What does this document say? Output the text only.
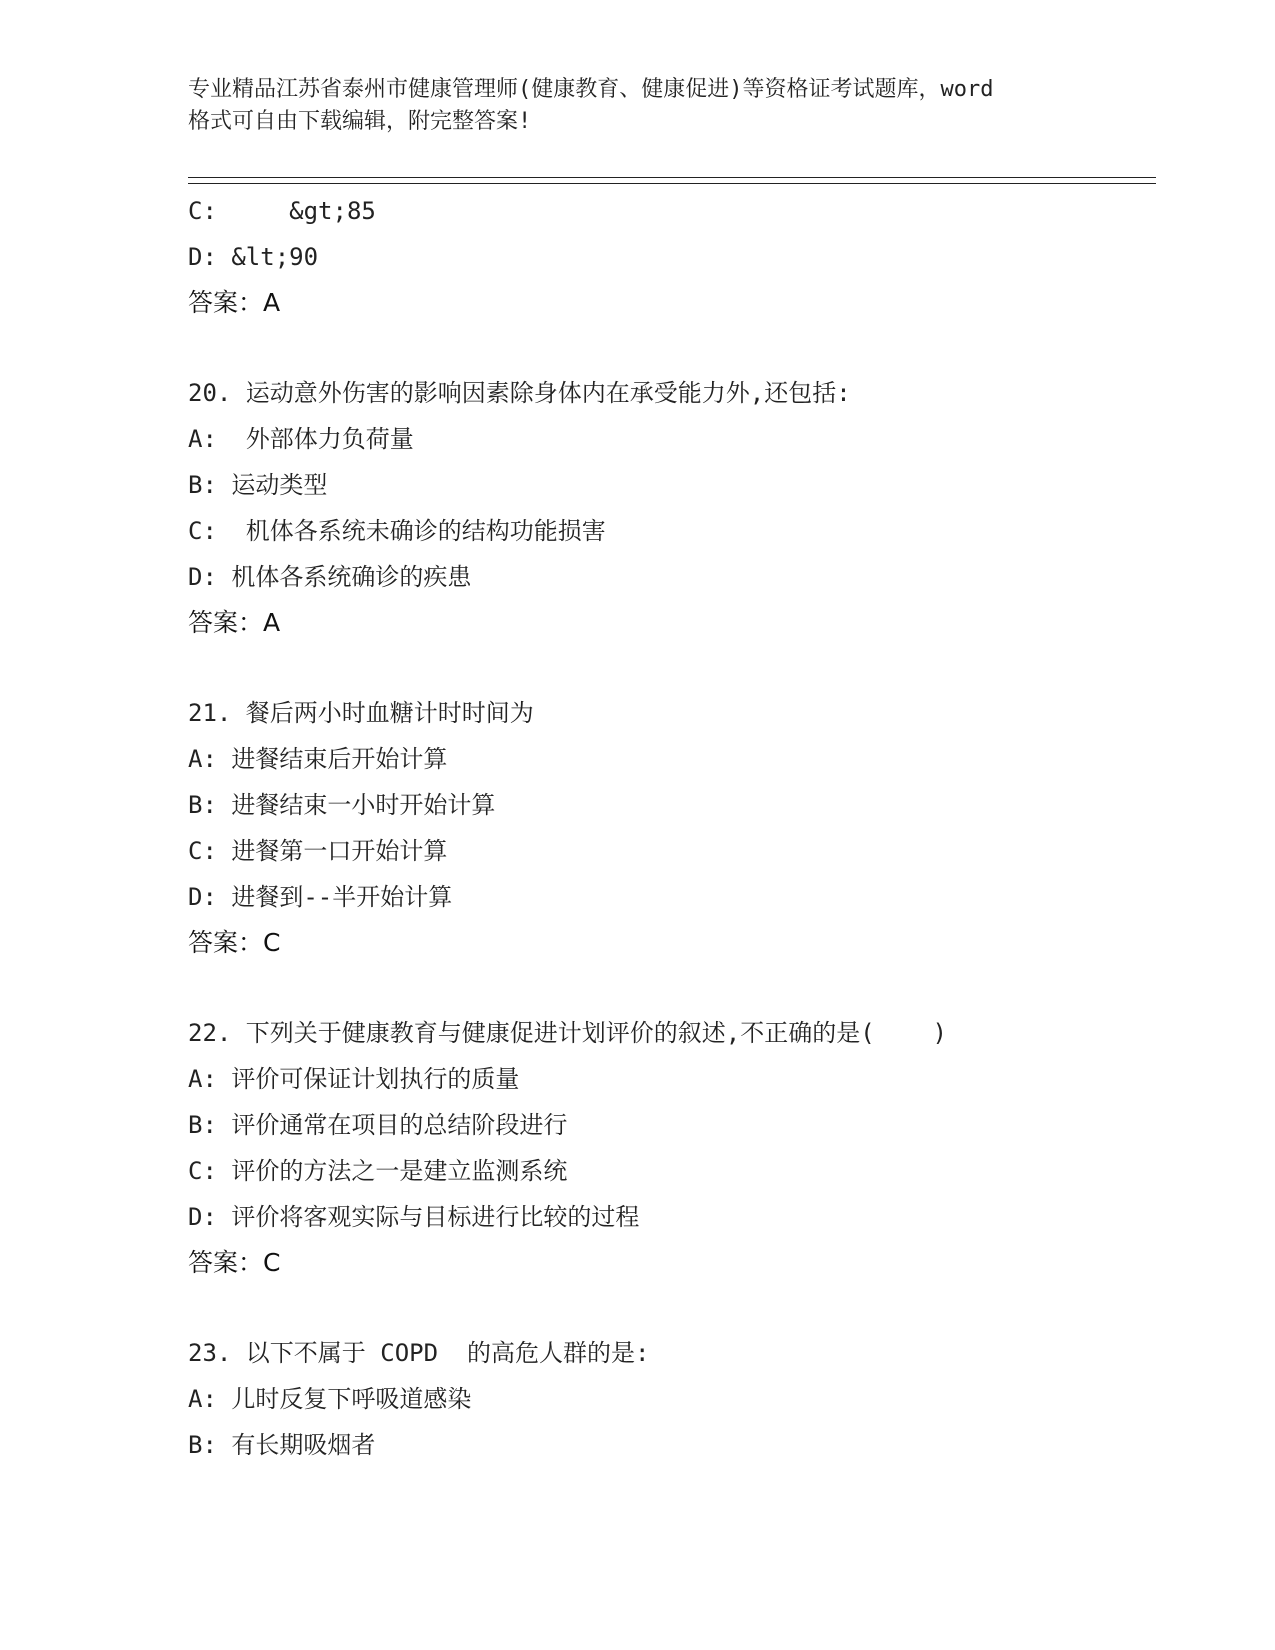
专业精品江苏省泰州市健康管理师(健康教育、健康促进)等资格证考试题库，word
格式可自由下载编辑，附完整答案!
C:     &gt;85
D: &lt;90
答案：A
20. 运动意外伤害的影响因素除身体内在承受能力外,还包括:
A:  外部体力负荷量
B: 运动类型
C:  机体各系统未确诊的结构功能损害
D: 机体各系统确诊的疾患
答案：A
21. 餐后两小时血糖计时时间为
A: 进餐结束后开始计算
B: 进餐结束一小时开始计算
C: 进餐第一口开始计算
D: 进餐到--半开始计算
答案：C
22. 下列关于健康教育与健康促进计划评价的叙述,不正确的是(    )
A: 评价可保证计划执行的质量
B: 评价通常在项目的总结阶段进行
C: 评价的方法之一是建立监测系统
D: 评价将客观实际与目标进行比较的过程
答案：C
23. 以下不属于 COPD  的高危人群的是:
A: 儿时反复下呼吸道感染
B: 有长期吸烟者
